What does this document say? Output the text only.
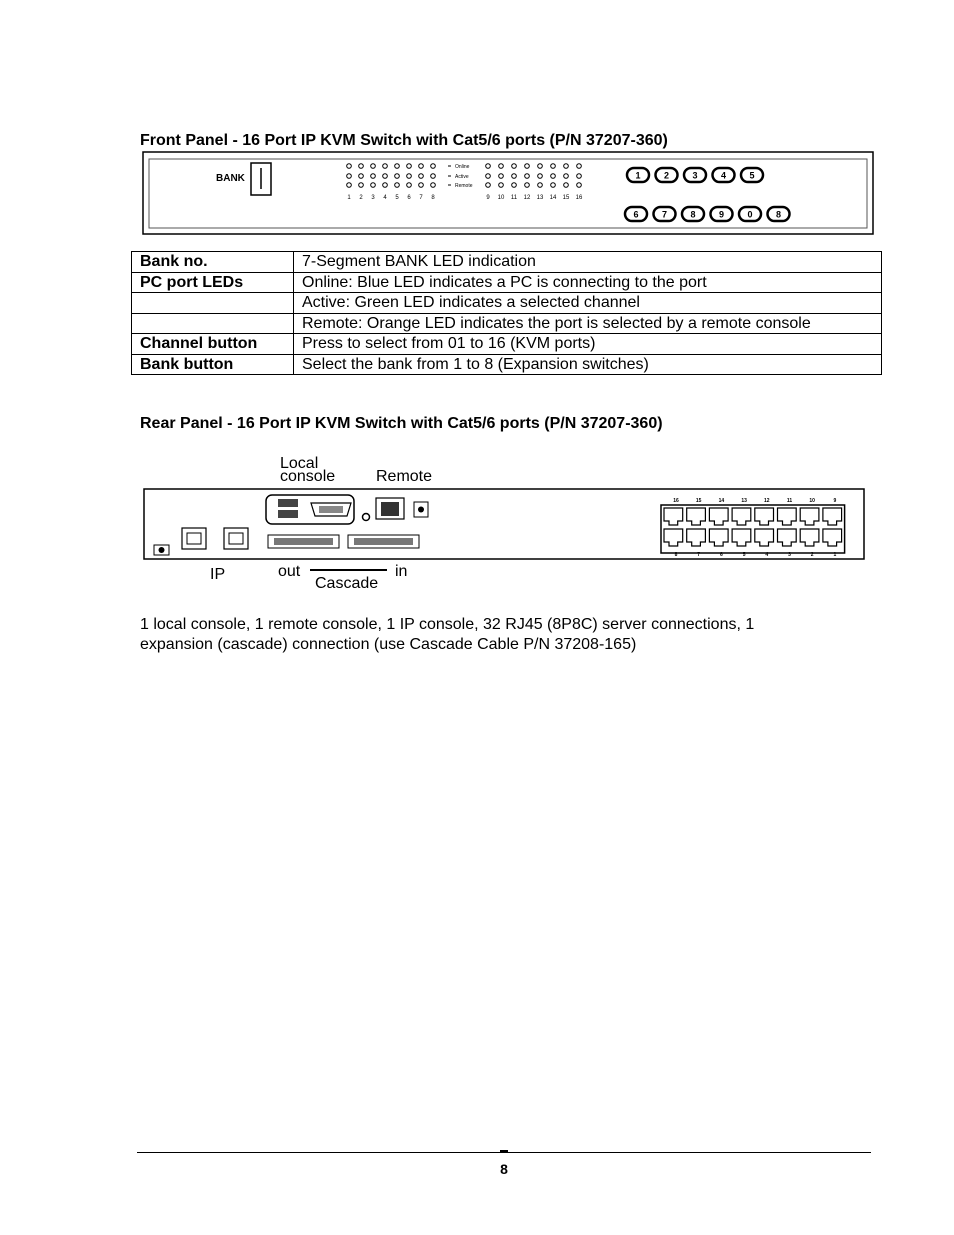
Front Panel - 16 Port IP KVM Switch with Cat5/6 ports (P/N 37207-360)
BANK
Online
Active
Remote
1 2 3 4 5 6 7 8	9 10 11 12 13 14 15 16
1	2	3	4	5
6	7	8	9	0	8
Bank no.	7-Segment BANK LED indication
PC port LEDs	Online: Blue LED indicates a PC is connecting to the port
	Active: Green LED indicates a selected channel
	Remote: Orange LED indicates the port is selected by a remote console
Channel button	Press to select from 01 to 16 (KVM ports)
Bank button	Select the bank from 1 to 8 (Expansion switches)
Rear Panel - 16 Port IP KVM Switch with Cat5/6 ports (P/N 37207-360)
Local
console	Remote
IP	out	in
Cascade
16	15	14	13	12	11	10	9
8	7	6	5	4	3	2	1
1 local console, 1 remote console, 1 IP console, 32 RJ45 (8P8C) server connections, 1 expansion (cascade) connection (use Cascade Cable P/N 37208-165)
8
